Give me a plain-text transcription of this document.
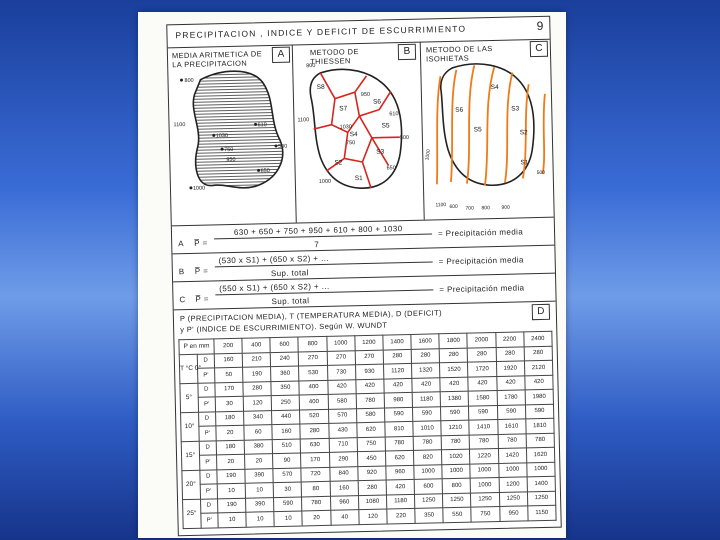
PRECIPITACION , INDICE Y DEFICIT DE ESCURRIMIENTO	9
MEDIA ARITMETICA DE LA PRECIPITACION
A	METODO DE THIESSEN
B	METODO DE LAS ISOHIETAS
C
800
1100
1030
750
950
610
650
500
1000
800
950
1100
1030
750
610
500
650
1000
S8
S7
S6
S5
S4
S3
S2
S1
S4
S6	S3
S5	S2
S1
1000
1100 600 700 800 900
500
A P̅ =
630 + 650 + 750 + 950 + 610 + 800 + 1030
7
= Precipitación media
B P̅ =
(530 x S1) + (650 x S2) + ...
Sup. total
= Precipitación media
C P̅ =
(550 x S1) + (650 x S2) + ...
Sup. total
= Precipitación media
P (PRECIPITACION MEDIA), T (TEMPERATURA MEDIA), D (DEFICIT)
y P' (INDICE DE ESCURRIMIENTO). Según W. WUNDT
D
P en mm		200	400	600	800	1000	1200	1400	1600	1800	2000	2200	2400
T °C 0°	D	160	210	240	270	270	270	280	280	280	280	280	280
	P'	50	190	360	530	730	930	1120	1320	1520	1720	1920	2120
5°	D	170	280	350	400	420	420	420	420	420	420	420	420
	P'	30	120	250	400	580	780	980	1180	1380	1580	1780	1980
10°	D	180	340	440	520	570	580	590	590	590	590	590	590
	P'	20	60	160	280	430	620	810	1010	1210	1410	1610	1810
15°	D	180	380	510	630	710	750	780	780	780	780	780	780
	P'	20	20	90	170	290	450	620	820	1020	1220	1420	1620
20°	D	190	390	570	720	840	920	960	1000	1000	1000	1000	1000
	P'	10	10	30	80	160	280	420	600	800	1000	1200	1400
25°	D	190	390	590	780	960	1080	1180	1250	1250	1250	1250	1250
	P'	10	10	10	20	40	120	220	350	550	750	950	1150
